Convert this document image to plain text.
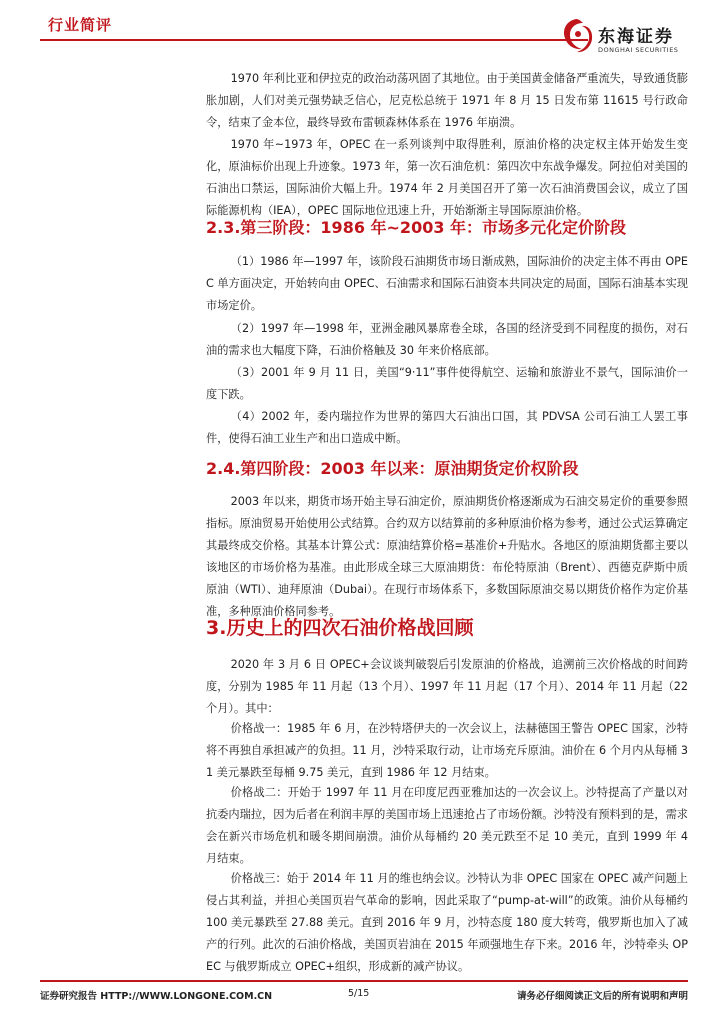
行业简评
东海证券
DONGHAI SECURITIES

1970 年利比亚和伊拉克的政治动荡巩固了其地位。由于美国黄金储备严重流失，导致通货膨胀加剧，人们对美元强势缺乏信心，尼克松总统于 1971 年 8 月 15 日发布第 11615 号行政命令，结束了金本位，最终导致布雷顿森林体系在 1976 年崩溃。

1970 年~1973 年，OPEC 在一系列谈判中取得胜利，原油价格的决定权主体开始发生变化，原油标价出现上升迹象。1973 年，第一次石油危机：第四次中东战争爆发。阿拉伯对美国的石油出口禁运，国际油价大幅上升。1974 年 2 月美国召开了第一次石油消费国会议，成立了国际能源机构（IEA），OPEC 国际地位迅速上升，开始渐渐主导国际原油价格。

2.3.第三阶段：1986 年~2003 年：市场多元化定价阶段

（1）1986 年—1997 年，该阶段石油期货市场日渐成熟，国际油价的决定主体不再由 OPEC 单方面决定，开始转向由 OPEC、石油需求和国际石油资本共同决定的局面，国际石油基本实现市场定价。

（2）1997 年—1998 年，亚洲金融风暴席卷全球，各国的经济受到不同程度的损伤，对石油的需求也大幅度下降，石油价格触及 30 年来价格底部。

（3）2001 年 9 月 11 日，美国“9·11”事件使得航空、运输和旅游业不景气，国际油价一度下跌。

（4）2002 年，委内瑞拉作为世界的第四大石油出口国，其 PDVSA 公司石油工人罢工事件，使得石油工业生产和出口造成中断。

2.4.第四阶段：2003 年以来：原油期货定价权阶段

2003 年以来，期货市场开始主导石油定价，原油期货价格逐渐成为石油交易定价的重要参照指标。原油贸易开始使用公式结算。合约双方以结算前的多种原油价格为参考，通过公式运算确定其最终成交价格。其基本计算公式：原油结算价格=基准价+升贴水。各地区的原油期货都主要以该地区的市场价格为基准。由此形成全球三大原油期货：布伦特原油（Brent）、西德克萨斯中质原油（WTI）、迪拜原油（Dubai）。在现行市场体系下，多数国际原油交易以期货价格作为定价基准，多种原油价格同参考。

3.历史上的四次石油价格战回顾

2020 年 3 月 6 日 OPEC+会议谈判破裂后引发原油的价格战，追溯前三次价格战的时间跨度，分别为 1985 年 11 月起（13 个月）、1997 年 11 月起（17 个月）、2014 年 11 月起（22 个月）。其中：

价格战一：1985 年 6 月，在沙特塔伊夫的一次会议上，法赫德国王警告 OPEC 国家，沙特将不再独自承担减产的负担。11 月，沙特采取行动，让市场充斥原油。油价在 6 个月内从每桶 31 美元暴跌至每桶 9.75 美元，直到 1986 年 12 月结束。

价格战二：开始于 1997 年 11 月在印度尼西亚雅加达的一次会议上。沙特提高了产量以对抗委内瑞拉，因为后者在利润丰厚的美国市场上迅速抢占了市场份额。沙特没有预料到的是，需求会在新兴市场危机和暖冬期间崩溃。油价从每桶约 20 美元跌至不足 10 美元，直到 1999 年 4 月结束。

价格战三：始于 2014 年 11 月的维也纳会议。沙特认为非 OPEC 国家在 OPEC 减产问题上侵占其利益，并担心美国页岩气革命的影响，因此采取了“pump-at-will”的政策。油价从每桶约 100 美元暴跌至 27.88 美元。直到 2016 年 9 月，沙特态度 180 度大转弯，俄罗斯也加入了减产的行列。此次的石油价格战，美国页岩油在 2015 年顽强地生存下来。2016 年，沙特牵头 OPEC 与俄罗斯成立 OPEC+组织，形成新的减产协议。

证券研究报告 HTTP://WWW.LONGONE.COM.CN	5/15	请务必仔细阅读正文后的所有说明和声明
